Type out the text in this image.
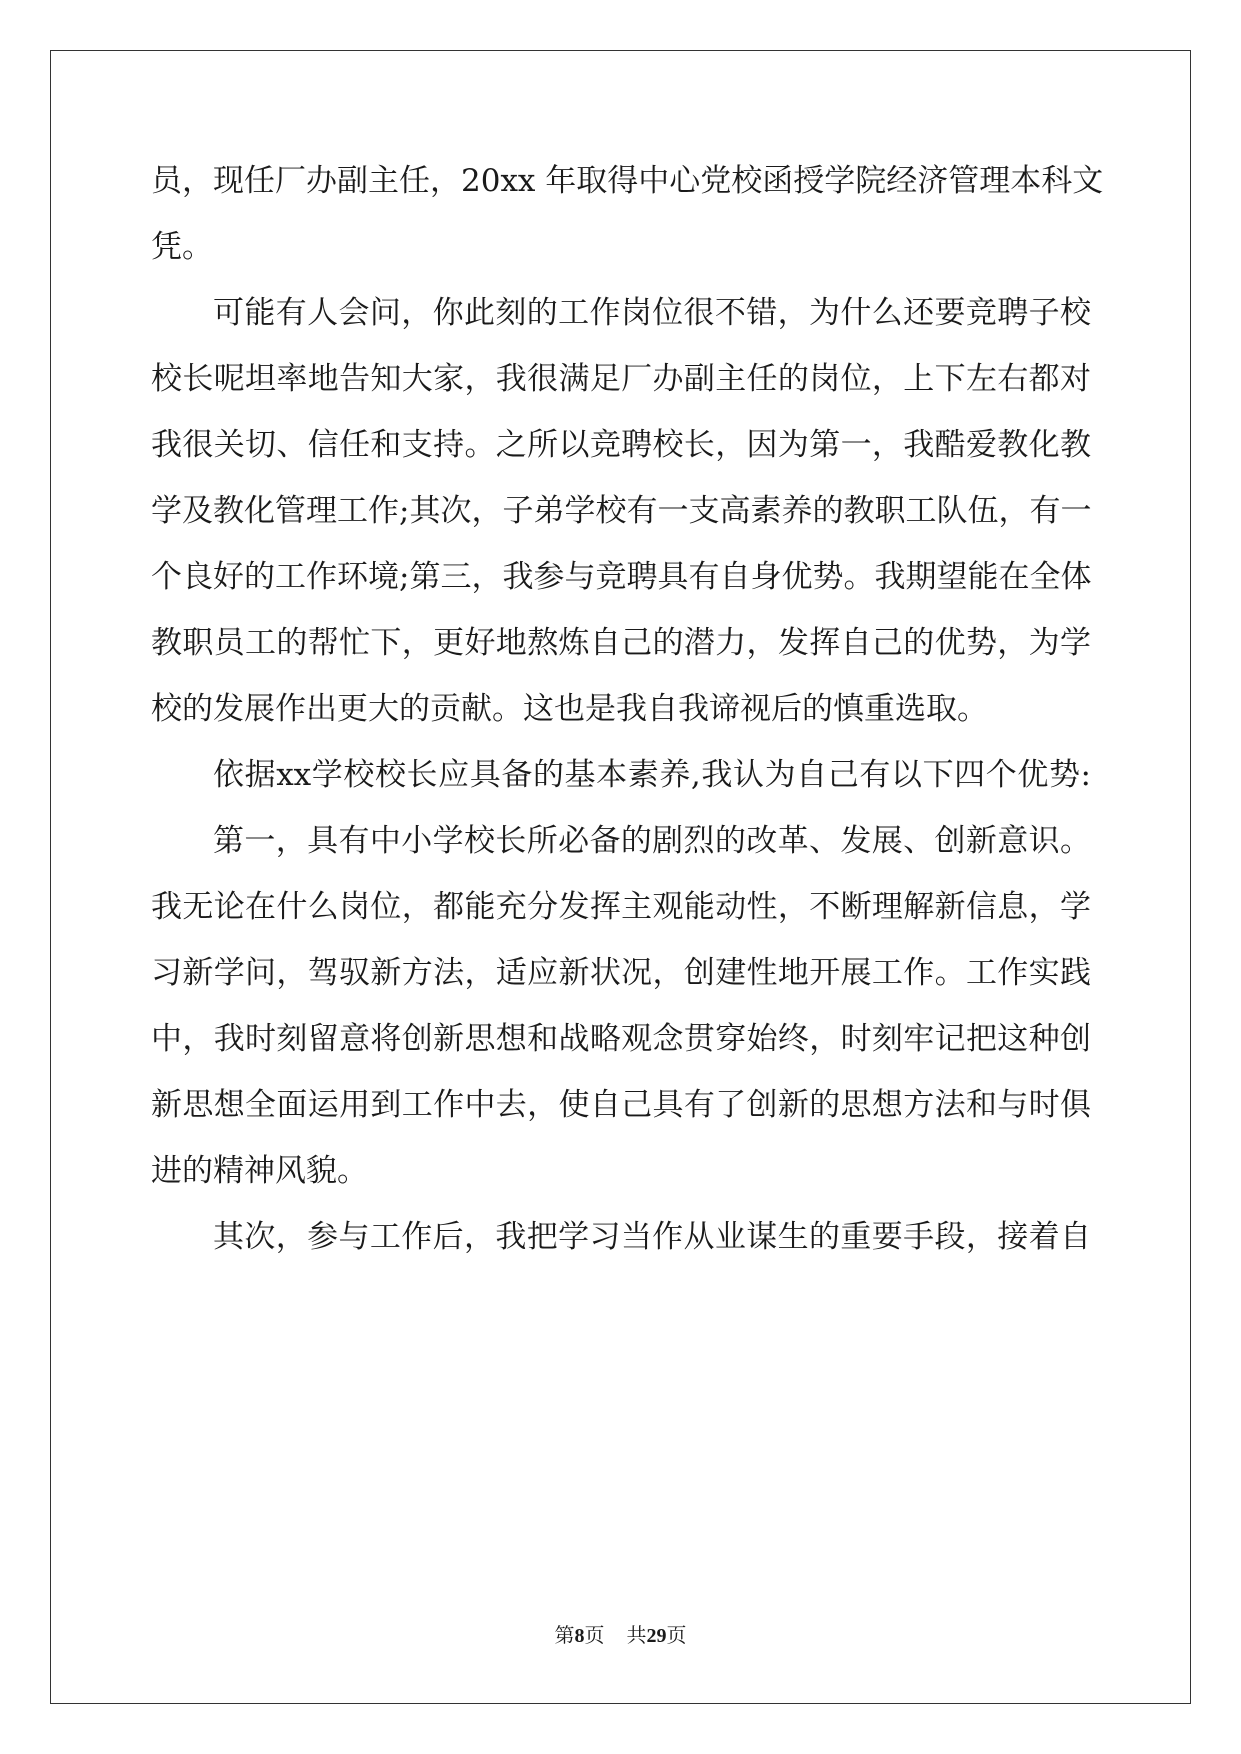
员，现任厂办副主任，20xx 年取得中心党校函授学院经济管理本科文
凭。
可能有人会问，你此刻的工作岗位很不错，为什么还要竞聘子校
校长呢坦率地告知大家，我很满足厂办副主任的岗位，上下左右都对
我很关切、信任和支持。之所以竞聘校长，因为第一，我酷爱教化教
学及教化管理工作;其次，子弟学校有一支高素养的教职工队伍，有一
个良好的工作环境;第三，我参与竞聘具有自身优势。我期望能在全体
教职员工的帮忙下，更好地熬炼自己的潜力，发挥自己的优势，为学
校的发展作出更大的贡献。这也是我自我谛视后的慎重选取。
依据xx学校校长应具备的基本素养,我认为自己有以下四个优势:
第一，具有中小学校长所必备的剧烈的改革、发展、创新意识。
我无论在什么岗位，都能充分发挥主观能动性，不断理解新信息，学
习新学问，驾驭新方法，适应新状况，创建性地开展工作。工作实践
中，我时刻留意将创新思想和战略观念贯穿始终，时刻牢记把这种创
新思想全面运用到工作中去，使自己具有了创新的思想方法和与时俱
进的精神风貌。
其次，参与工作后，我把学习当作从业谋生的重要手段，接着自
第8页 共29页
